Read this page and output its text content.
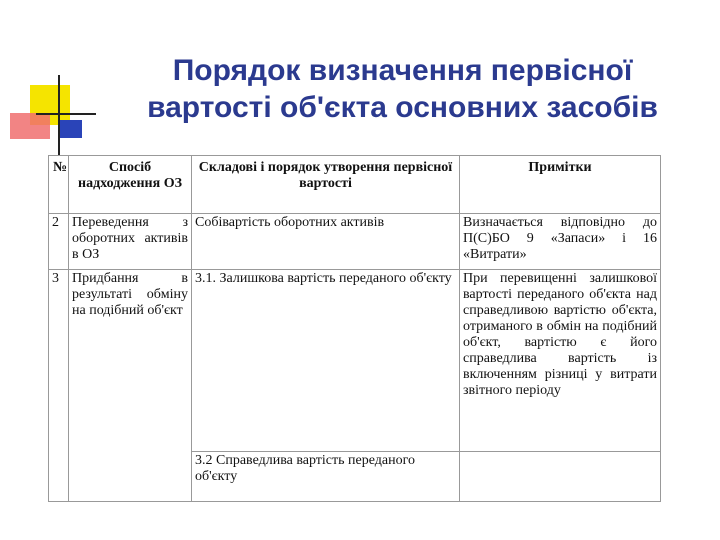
Порядок визначення первісної
вартості об'єкта основних засобів
№	Спосіб надходження ОЗ	Складові і порядок утворення первісної вартості	Примітки
2	Переведення з оборотних активів в ОЗ	Собівартість оборотних активів	Визначається відповідно до П(С)БО 9 «Запаси» і 16 «Витрати»
3	Придбання в результаті обміну на подібний об'єкт	3.1. Залишкова вартість переданого об'єкту	При перевищенні залишкової вартості переданого об'єкта над справедливою вартістю об'єкта, отриманого в обмін на подібний об'єкт, вартістю є його справедлива вартість із включенням різниці у витрати звітного періоду
		3.2 Справедлива вартість переданого об'єкту	
